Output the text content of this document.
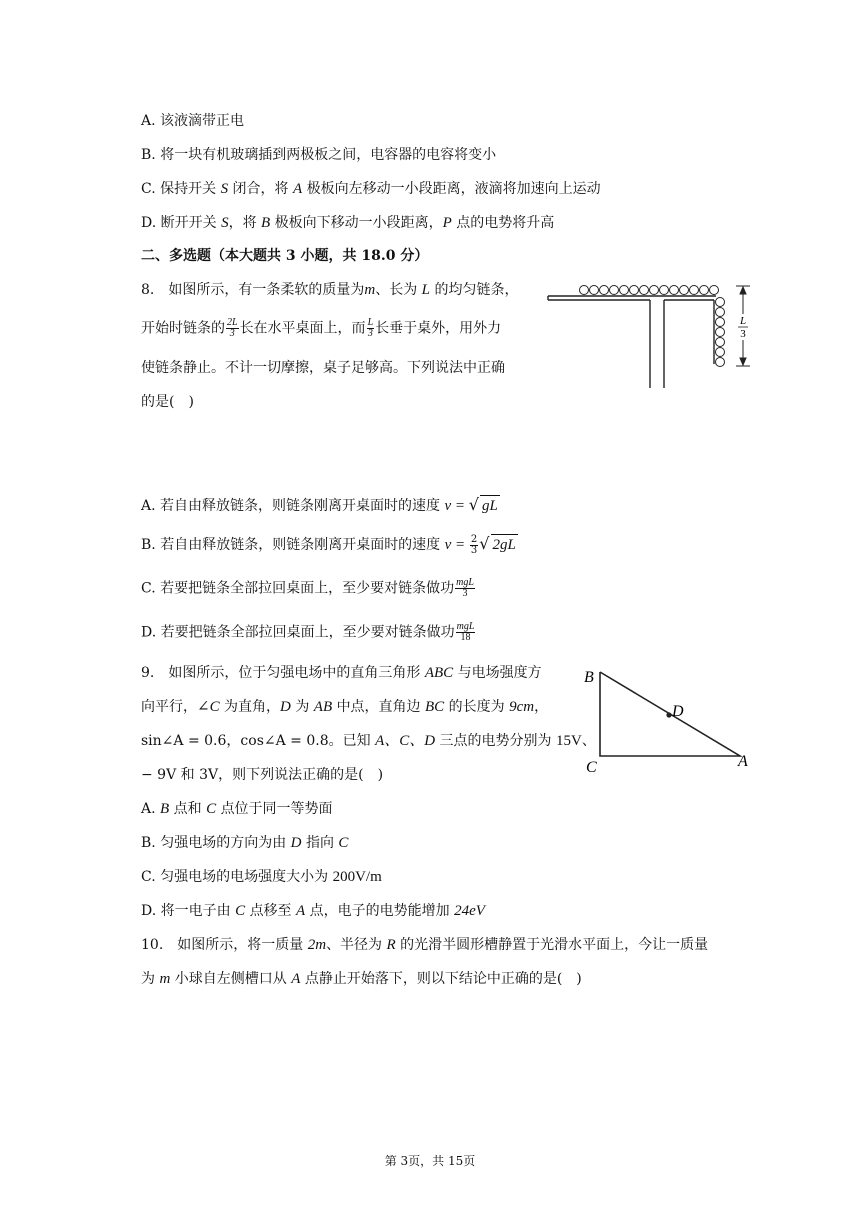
A. 该液滴带正电
B. 将一块有机玻璃插到两极板之间，电容器的电容将变小
C. 保持开关 S 闭合，将 A 极板向左移动一小段距离，液滴将加速向上运动
D. 断开开关 S，将 B 极板向下移动一小段距离，P 点的电势将升高
二、多选题（本大题共 3 小题，共 18.0 分）
8.　如图所示，有一条柔软的质量为m、长为 L 的均匀链条，
开始时链条的 $\frac{2L}{3}$ 长在水平桌面上，而 $\frac{L}{3}$ 长垂于桌外，用外力
使链条静止。不计一切摩擦，桌子足够高。下列说法中正确
的是(　)
L
3
A. 若自由释放链条，则链条刚离开桌面时的速度 v = √ gL
B. 若自由释放链条，则链条刚离开桌面时的速度 $v = \frac{2}{3}$ √ 2gL
C. 若要把链条全部拉回桌面上，至少要对链条做功 $\frac{\text{mgL}}{3}$
D. 若要把链条全部拉回桌面上，至少要对链条做功 $\frac{\text{mgL}}{18}$
9.　如图所示，位于匀强电场中的直角三角形 ABC 与电场强度方
向平行，∠C 为直角，D 为 AB 中点，直角边 BC 的长度为 9cm，
sin∠A = 0.6，cos∠A = 0.8。已知 A、C、D 三点的电势分别为 15V、
− 9V 和 3V，则下列说法正确的是(　)
B
C
D
A
A. B 点和 C 点位于同一等势面
B. 匀强电场的方向为由 D 指向 C
C. 匀强电场的电场强度大小为 200V/m
D. 将一电子由 C 点移至 A 点，电子的电势能增加 24eV
10.　如图所示，将一质量 2m、半径为 R 的光滑半圆形槽静置于光滑水平面上，今让一质量
为 m 小球自左侧槽口从 A 点静止开始落下，则以下结论中正确的是(　)
第 3页，共 15页
